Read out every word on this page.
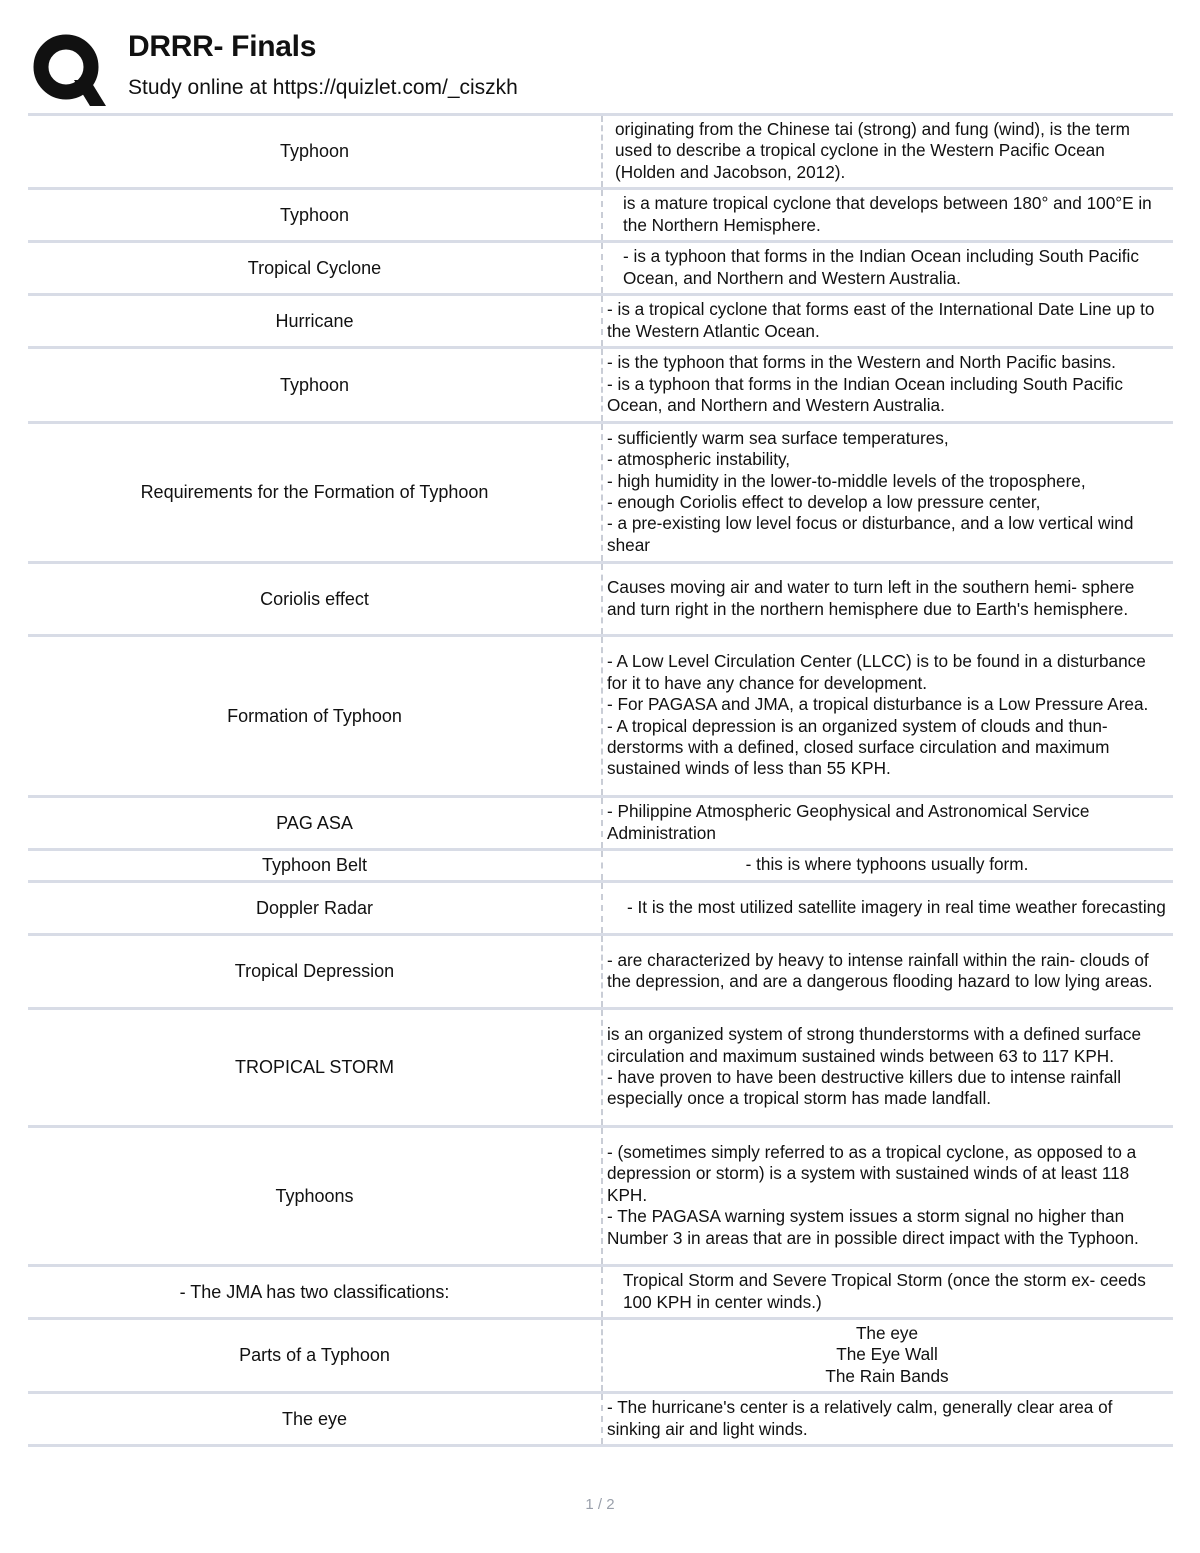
DRRR- Finals
Study online at https://quizlet.com/_ciszkh
Typhoon
originating from the Chinese tai (strong) and fung (wind), is the term used to describe a tropical cyclone in the Western Pacific Ocean (Holden and Jacobson, 2012).
Typhoon
is a mature tropical cyclone that develops between 180° and 100°E in the Northern Hemisphere.
Tropical Cyclone
- is a typhoon that forms in the Indian Ocean including South Pacific Ocean, and Northern and Western Australia.
Hurricane
- is a tropical cyclone that forms east of the International Date Line up to the Western Atlantic Ocean.
Typhoon
- is the typhoon that forms in the Western and North Pacific basins.
- is a typhoon that forms in the Indian Ocean including South Pacific Ocean, and Northern and Western Australia.
Requirements for the Formation of Typhoon
- sufficiently warm sea surface temperatures,
- atmospheric instability,
- high humidity in the lower-to-middle levels of the troposphere,
- enough Coriolis effect to develop a low pressure center,
- a pre-existing low level focus or disturbance, and a low vertical wind shear
Coriolis effect
Causes moving air and water to turn left in the southern hemi- sphere and turn right in the northern hemisphere due to Earth's hemisphere.
Formation of Typhoon
- A Low Level Circulation Center (LLCC) is to be found in a disturbance for it to have any chance for development.
- For PAGASA and JMA, a tropical disturbance is a Low Pressure Area.
- A tropical depression is an organized system of clouds and thun- derstorms with a defined, closed surface circulation and maximum sustained winds of less than 55 KPH.
PAG ASA
- Philippine Atmospheric Geophysical and Astronomical Service Administration
Typhoon Belt	- this is where typhoons usually form.
Doppler Radar	- It is the most utilized satellite imagery in real time weather forecasting
Tropical Depression
- are characterized by heavy to intense rainfall within the rain- clouds of the depression, and are a dangerous flooding hazard to low lying areas.
TROPICAL STORM
is an organized system of strong thunderstorms with a defined surface circulation and maximum sustained winds between 63 to 117 KPH.
- have proven to have been destructive killers due to intense rainfall especially once a tropical storm has made landfall.
Typhoons
- (sometimes simply referred to as a tropical cyclone, as opposed to a depression or storm) is a system with sustained winds of at least 118 KPH.
- The PAGASA warning system issues a storm signal no higher than Number 3 in areas that are in possible direct impact with the Typhoon.
- The JMA has two classifications:
Tropical Storm and Severe Tropical Storm (once the storm ex- ceeds 100 KPH in center winds.)
Parts of a Typhoon
The eye
The Eye Wall
The Rain Bands
The eye
- The hurricane's center is a relatively calm, generally clear area of sinking air and light winds.
1 / 2
